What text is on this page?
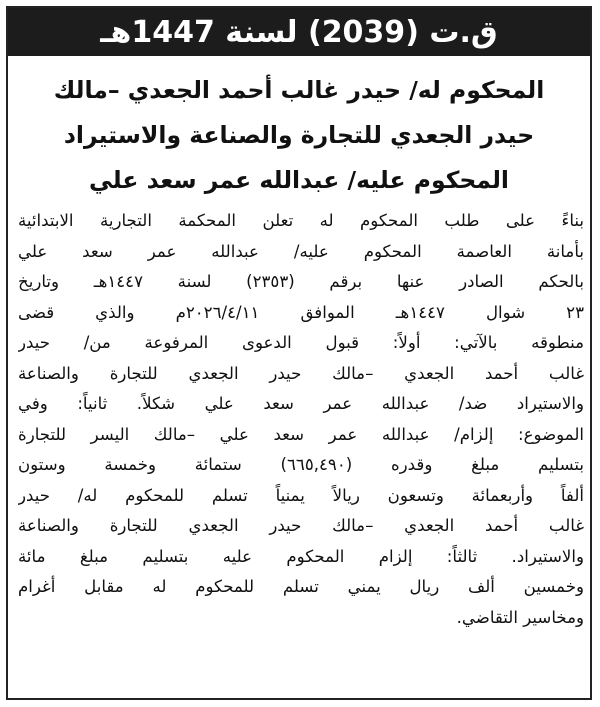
ق.ت (2039) لسنة 1447هـ
المحكوم له/ حيدر غالب أحمد الجعدي –مالك
حيدر الجعدي للتجارة والصناعة والاستيراد
المحكوم عليه/ عبدالله عمر سعد علي
بناءً على طلب المحكوم له تعلن المحكمة التجارية الابتدائية
بأمانة العاصمة المحكوم عليه/ عبدالله عمر سعد علي
بالحكم الصادر عنها برقم (٢٣٥٣) لسنة ١٤٤٧هـ وتاريخ
٢٣ شوال ١٤٤٧هـ الموافق ٢٠٢٦/٤/١١م والذي قضى
منطوقه بالآتي: أولاً: قبول الدعوى المرفوعة من/ حيدر
غالب أحمد الجعدي –مالك حيدر الجعدي للتجارة والصناعة
والاستيراد ضد/ عبدالله عمر سعد علي شكلاً. ثانياً: وفي
الموضوع: إلزام/ عبدالله عمر سعد علي –مالك اليسر للتجارة
بتسليم مبلغ وقدره (٦٦٥,٤٩٠) ستمائة وخمسة وستون
ألفاً وأربعمائة وتسعون ريالاً يمنياً تسلم للمحكوم له/ حيدر
غالب أحمد الجعدي –مالك حيدر الجعدي للتجارة والصناعة
والاستيراد. ثالثاً: إلزام المحكوم عليه بتسليم مبلغ مائة
وخمسين ألف ريال يمني تسلم للمحكوم له مقابل أغرام
ومخاسير التقاضي.
